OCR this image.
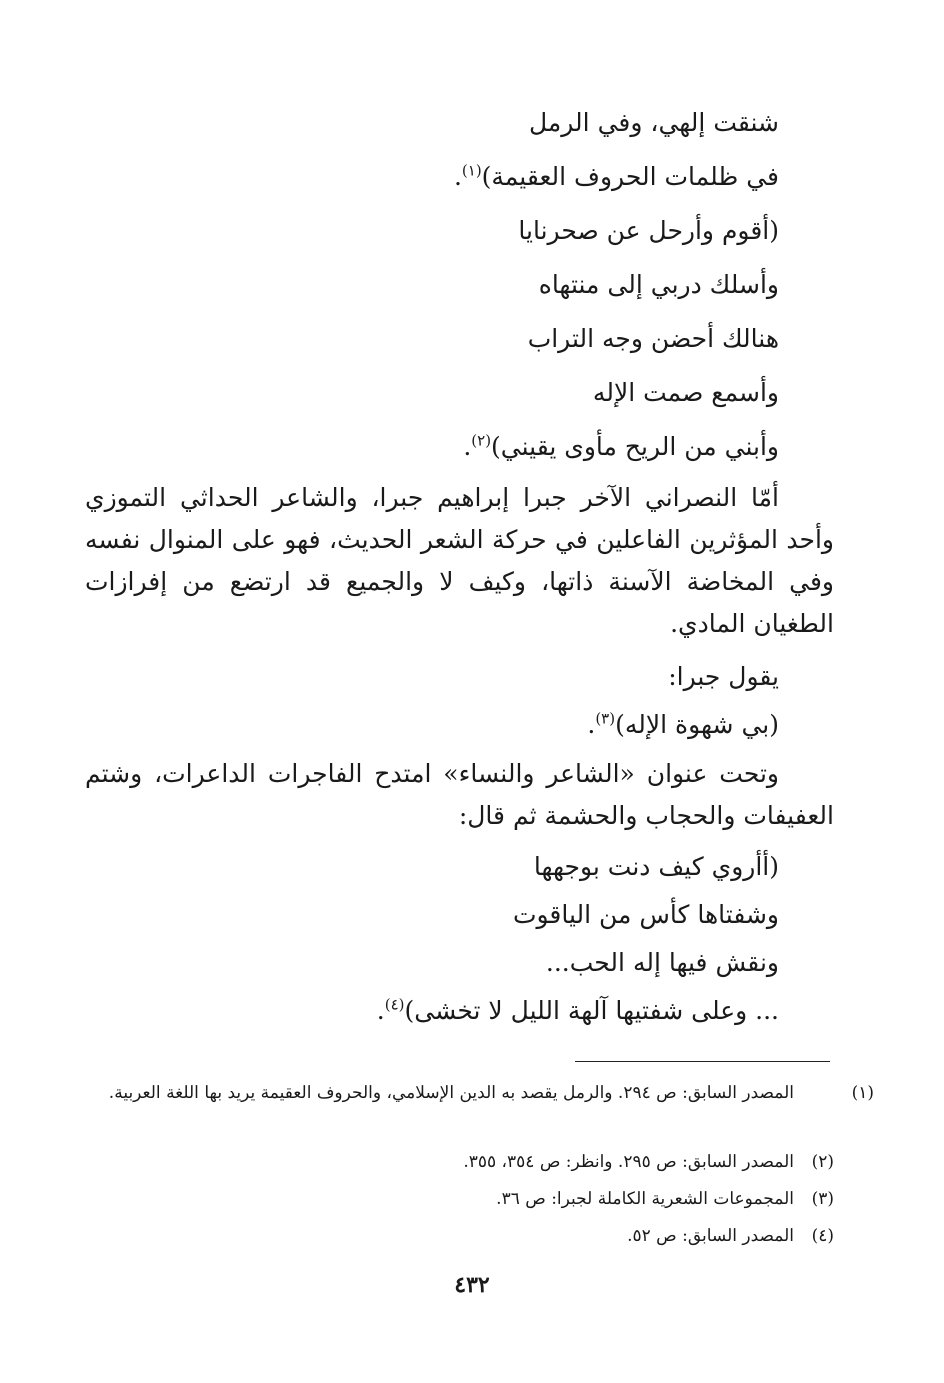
شنقت إلهي، وفي الرمل
في ظلمات الحروف العقيمة)$^{(١)}$.
(أقوم وأرحل عن صحرنايا
وأسلك دربي إلى منتهاه
هنالك أحضن وجه التراب
وأسمع صمت الإله
وأبني من الريح مأوى يقيني)$^{(٢)}$.
أمّا النصراني الآخر جبرا إبراهيم جبرا، والشاعر الحداثي التموزي وأحد المؤثرين الفاعلين في حركة الشعر الحديث، فهو على المنوال نفسه وفي المخاضة الآسنة ذاتها، وكيف لا والجميع قد ارتضع من إفرازات الطغيان المادي.
يقول جبرا:
(بي شهوة الإله)$^{(٣)}$.
وتحت عنوان «الشاعر والنساء» امتدح الفاجرات الداعرات، وشتم العفيفات والحجاب والحشمة ثم قال:
(أأروي كيف دنت بوجهها
وشفتاها كأس من الياقوت
ونقش فيها إله الحب...
... وعلى شفتيها آلهة الليل لا تخشى)$^{(٤)}$.
(١)المصدر السابق: ص ٢٩٤. والرمل يقصد به الدين الإسلامي، والحروف العقيمة يريد بها اللغة العربية.
(٢)المصدر السابق: ص ٢٩٥. وانظر: ص ٣٥٤، ٣٥٥.
(٣)المجموعات الشعرية الكاملة لجبرا: ص ٣٦.
(٤)المصدر السابق: ص ٥٢.
٤٣٢
